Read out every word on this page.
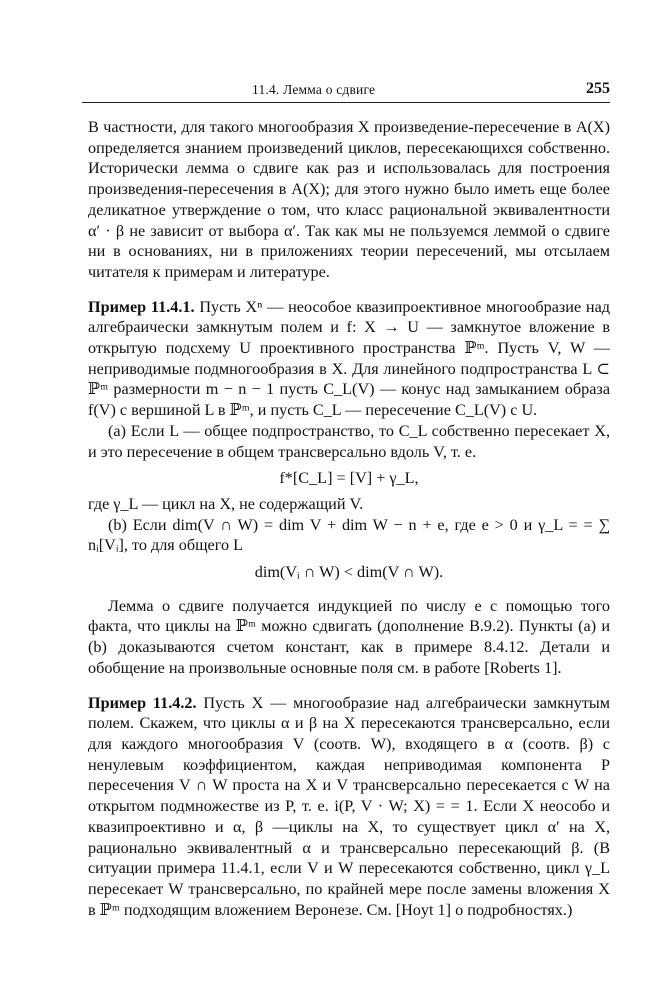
11.4. Лемма о сдвиге	255

В частности, для такого многообразия X произведение-пересечение в A(X) определяется знанием произведений циклов, пересекающихся собственно. Исторически лемма о сдвиге как раз и использовалась для построения произведения-пересечения в A(X); для этого нужно было иметь еще более деликатное утверждение о том, что класс рациональной эквивалентности α′ · β не зависит от выбора α′. Так как мы не пользуемся леммой о сдвиге ни в основаниях, ни в приложениях теории пересечений, мы отсылаем читателя к примерам и литературе.

Пример 11.4.1. Пусть Xⁿ — неособое квазипроективное многообразие над алгебраически замкнутым полем и f: X → U — замкнутое вложение в открытую подсхему U проективного пространства ℙᵐ. Пусть V, W — неприводимые подмногообразия в X. Для линейного подпространства L ⊂ ℙᵐ размерности m − n − 1 пусть C_L(V) — конус над замыканием образа f(V) с вершиной L в ℙᵐ, и пусть C_L — пересечение C_L(V) с U.

(a) Если L — общее подпространство, то C_L собственно пересекает X, и это пересечение в общем трансверсально вдоль V, т. е.

f*[C_L] = [V] + γ_L,

где γ_L — цикл на X, не содержащий V.

(b) Если dim(V ∩ W) = dim V + dim W − n + e, где e > 0 и γ_L = = ∑ nᵢ[Vᵢ], то для общего L

dim(Vᵢ ∩ W) < dim(V ∩ W).

Лемма о сдвиге получается индукцией по числу e с помощью того факта, что циклы на ℙᵐ можно сдвигать (дополнение B.9.2). Пункты (a) и (b) доказываются счетом констант, как в примере 8.4.12. Детали и обобщение на произвольные основные поля см. в работе [Roberts 1].

Пример 11.4.2. Пусть X — многообразие над алгебраически замкнутым полем. Скажем, что циклы α и β на X пересекаются трансверсально, если для каждого многообразия V (соотв. W), входящего в α (соотв. β) с ненулевым коэффициентом, каждая неприводимая компонента P пересечения V ∩ W проста на X и V трансверсально пересекается с W на открытом подмножестве из P, т. е. i(P, V · W; X) = = 1. Если X неособо и квазипроективно и α, β —циклы на X, то существует цикл α′ на X, рационально эквивалентный α и трансверсально пересекающий β. (В ситуации примера 11.4.1, если V и W пересекаются собственно, цикл γ_L пересекает W трансверсально, по крайней мере после замены вложения X в ℙᵐ подходящим вложением Веронезе. См. [Hoyt 1] о подробностях.)
